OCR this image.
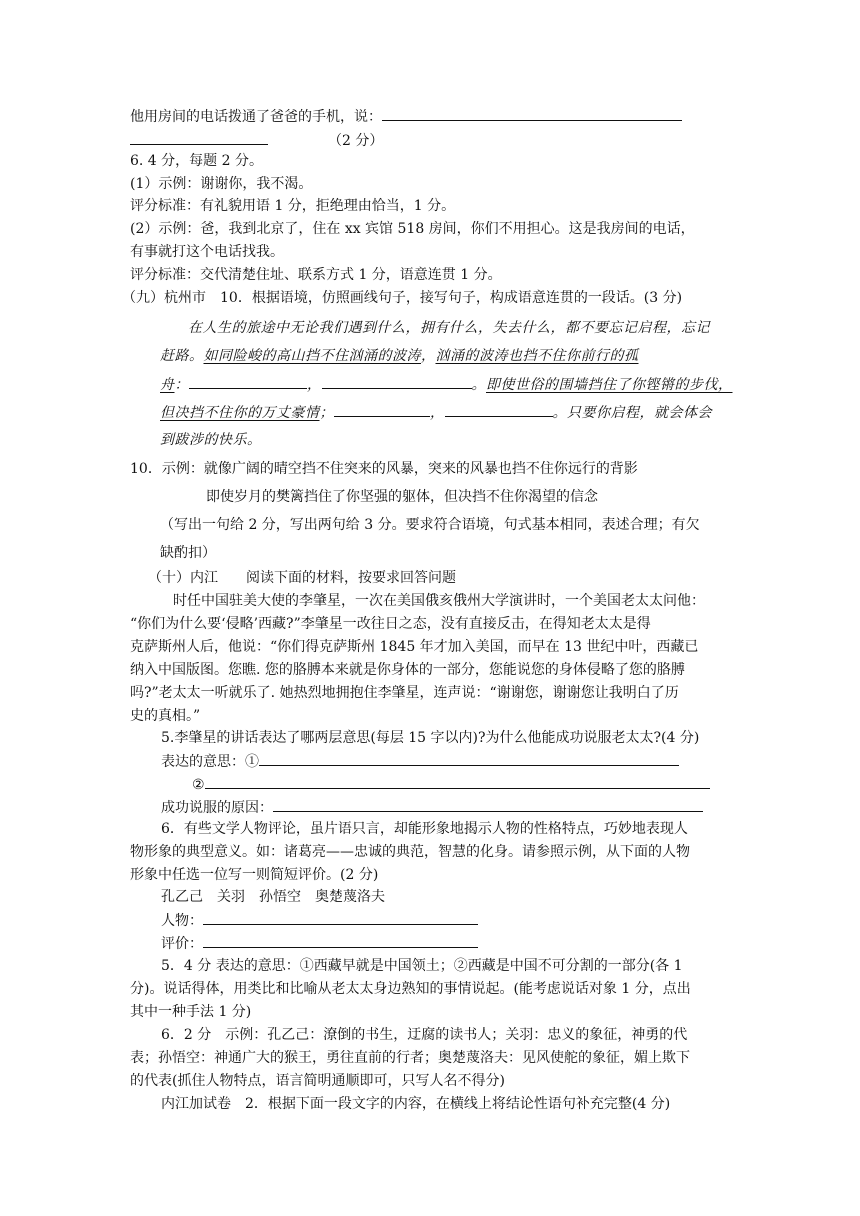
他用房间的电话拨通了爸爸的手机，说：
（2 分）
6. 4 分，每题 2 分。
(1）示例：谢谢你，我不渴。
评分标准：有礼貌用语 1 分，拒绝理由恰当，1 分。
(2）示例：爸，我到北京了，住在 xx 宾馆 518 房间，你们不用担心。这是我房间的电话，
有事就打这个电话找我。
评分标准：交代清楚住址、联系方式 1 分，语意连贯 1 分。
（九）杭州市　10．根据语境，仿照画线句子，接写句子，构成语意连贯的一段话。(3 分)
在人生的旅途中无论我们遇到什么，拥有什么，失去什么，都不要忘记启程，忘记
赶路。如同险峻的高山挡不住汹涌的波涛，汹涌的波涛也挡不住你前行的孤
舟：	，	。即使世俗的围墙挡住了你铿锵的步伐，
但决挡不住你的万丈豪情；	，	。只要你启程，就会体会
到跋涉的快乐。
10．示例：就像广阔的晴空挡不住突来的风暴，突来的风暴也挡不住你远行的背影
即使岁月的樊篱挡住了你坚强的躯体，但决挡不住你渴望的信念
（写出一句给 2 分，写出两句给 3 分。要求符合语境，句式基本相同，表述合理；有欠
缺酌扣）
（十）内江　　阅读下面的材料，按要求回答问题
时任中国驻美大使的李肇星，一次在美国俄亥俄州大学演讲时，一个美国老太太问他：
“你们为什么要‘侵略’西藏?”李肇星一改往日之态，没有直接反击，在得知老太太是得
克萨斯州人后，他说：“你们得克萨斯州 1845 年才加入美国，而早在 13 世纪中叶，西藏已
纳入中国版图。您瞧. 您的胳膊本来就是你身体的一部分，您能说您的身体侵略了您的胳膊
吗?”老太太一听就乐了. 她热烈地拥抱住李肇星，连声说：“谢谢您，谢谢您让我明白了历
史的真相。”
5.李肇星的讲话表达了哪两层意思(每层 15 字以内)?为什么他能成功说服老太太?(4 分)
表达的意思：①
②
成功说服的原因：
6．有些文学人物评论，虽片语只言，却能形象地揭示人物的性格特点，巧妙地表现人
物形象的典型意义。如：诸葛亮——忠诚的典范，智慧的化身。请参照示例，从下面的人物
形象中任选一位写一则简短评价。(2 分)
孔乙己　关羽　孙悟空　奥楚蔑洛夫
人物：
评价：
5．4 分 表达的意思：①西藏早就是中国领土；②西藏是中国不可分割的一部分(各 1
分)。说话得体，用类比和比喻从老太太身边熟知的事情说起。(能考虑说话对象 1 分，点出
其中一种手法 1 分)
6．2 分　示例：孔乙己：潦倒的书生，迂腐的读书人；关羽：忠义的象征，神勇的代
表；孙悟空：神通广大的猴王，勇往直前的行者；奥楚蔑洛夫：见风使舵的象征，媚上欺下
的代表(抓住人物特点，语言简明通顺即可，只写人名不得分)
内江加试卷　2．根据下面一段文字的内容，在横线上将结论性语句补充完整(4 分)
